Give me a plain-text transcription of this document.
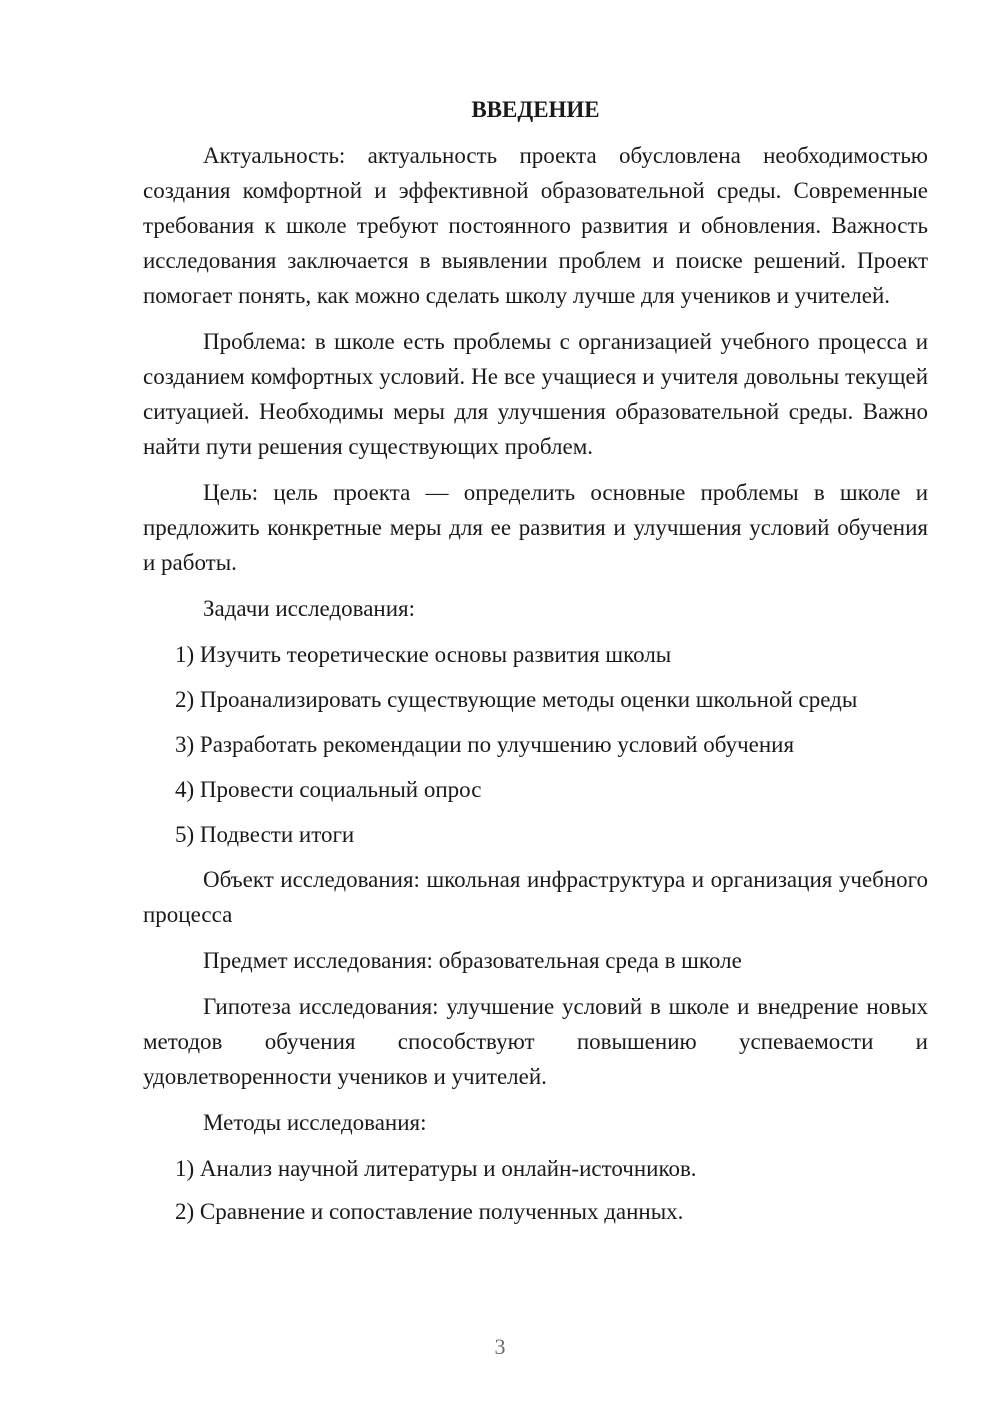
ВВЕДЕНИЕ

Актуальность: актуальность проекта обусловлена необходимостью создания комфортной и эффективной образовательной среды. Современные требования к школе требуют постоянного развития и обновления. Важность исследования заключается в выявлении проблем и поиске решений. Проект помогает понять, как можно сделать школу лучше для учеников и учителей.

Проблема: в школе есть проблемы с организацией учебного процесса и созданием комфортных условий. Не все учащиеся и учителя довольны текущей ситуацией. Необходимы меры для улучшения образовательной среды. Важно найти пути решения существующих проблем.

Цель: цель проекта — определить основные проблемы в школе и предложить конкретные меры для ее развития и улучшения условий обучения и работы.

Задачи исследования:

1) Изучить теоретические основы развития школы
2) Проанализировать существующие методы оценки школьной среды
3) Разработать рекомендации по улучшению условий обучения
4) Провести социальный опрос
5) Подвести итоги

Объект исследования: школьная инфраструктура и организация учебного процесса

Предмет исследования: образовательная среда в школе

Гипотеза исследования: улучшение условий в школе и внедрение новых методов обучения способствуют повышению успеваемости и удовлетворенности учеников и учителей.

Методы исследования:

1) Анализ научной литературы и онлайн-источников.
2) Сравнение и сопоставление полученных данных.
3
